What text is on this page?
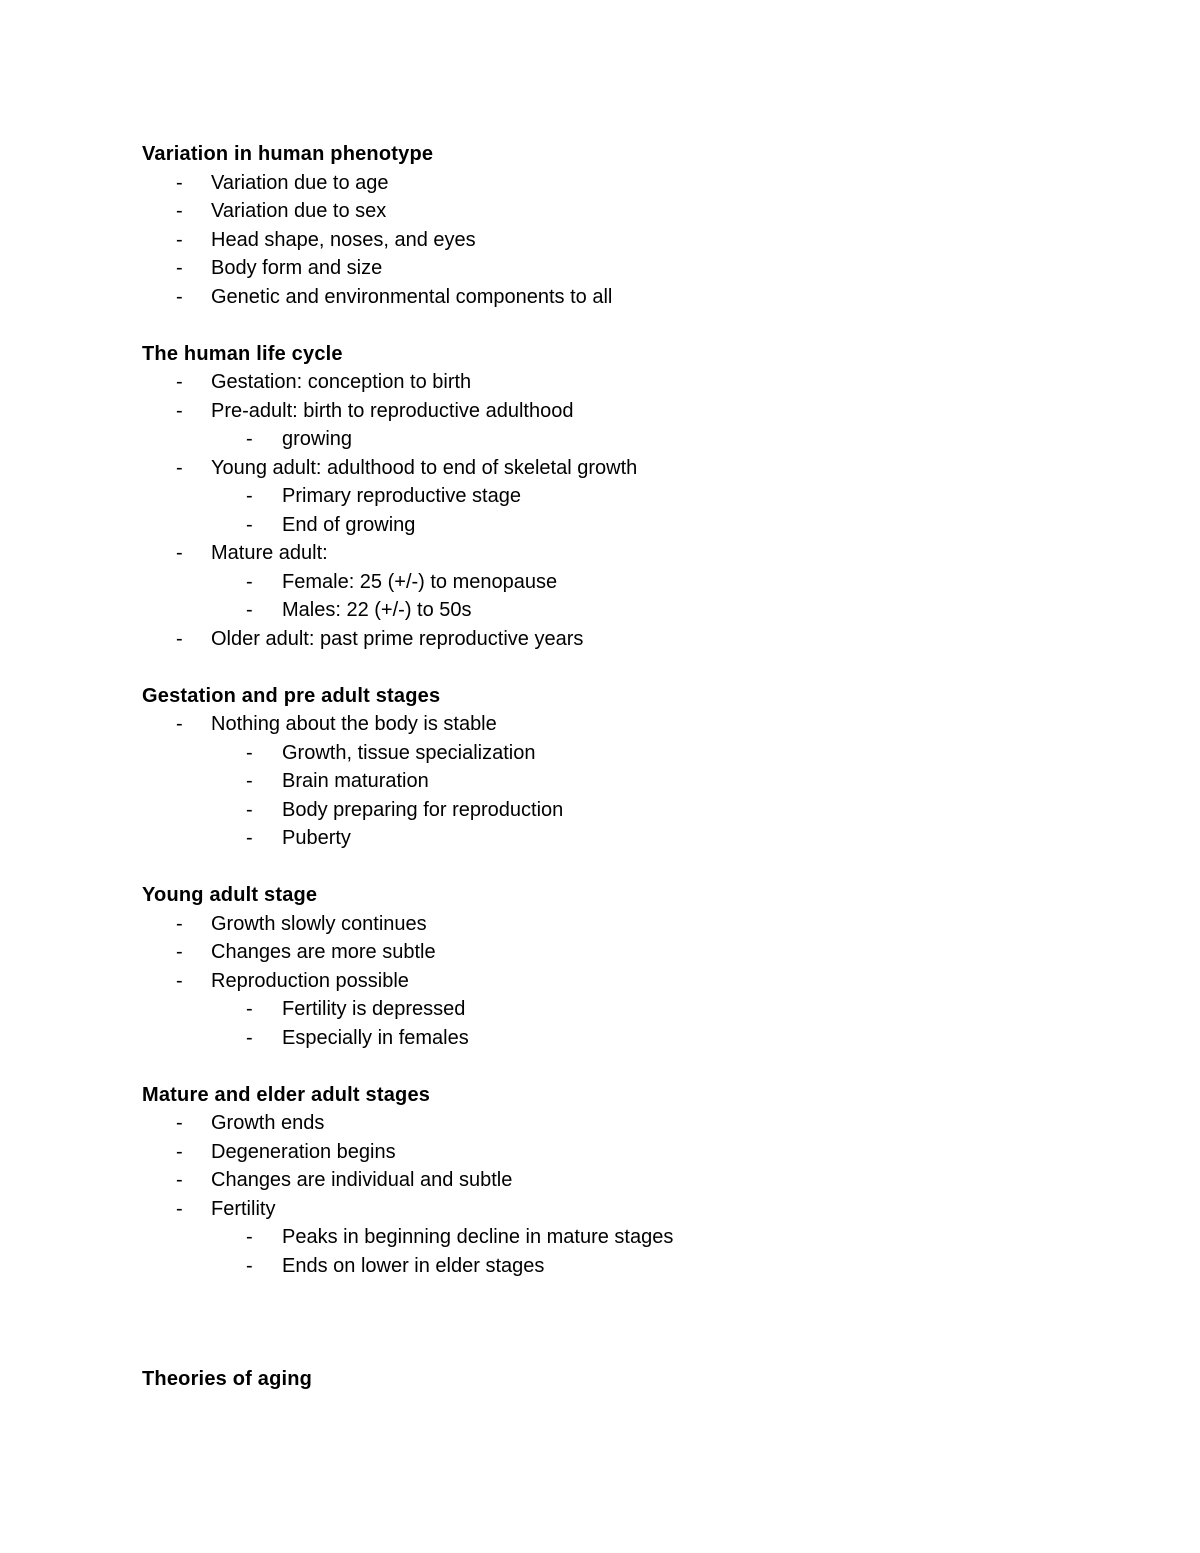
Variation in human phenotype
- Variation due to age
- Variation due to sex
- Head shape, noses, and eyes
- Body form and size
- Genetic and environmental components to all
The human life cycle
- Gestation: conception to birth
- Pre-adult: birth to reproductive adulthood
- growing
- Young adult: adulthood to end of skeletal growth
- Primary reproductive stage
- End of growing
- Mature adult:
- Female: 25 (+/-) to menopause
- Males: 22 (+/-) to 50s
- Older adult: past prime reproductive years
Gestation and pre adult stages
- Nothing about the body is stable
- Growth, tissue specialization
- Brain maturation
- Body preparing for reproduction
- Puberty
Young adult stage
- Growth slowly continues
- Changes are more subtle
- Reproduction possible
- Fertility is depressed
- Especially in females
Mature and elder adult stages
- Growth ends
- Degeneration begins
- Changes are individual and subtle
- Fertility
- Peaks in beginning decline in mature stages
- Ends on lower in elder stages
Theories of aging
